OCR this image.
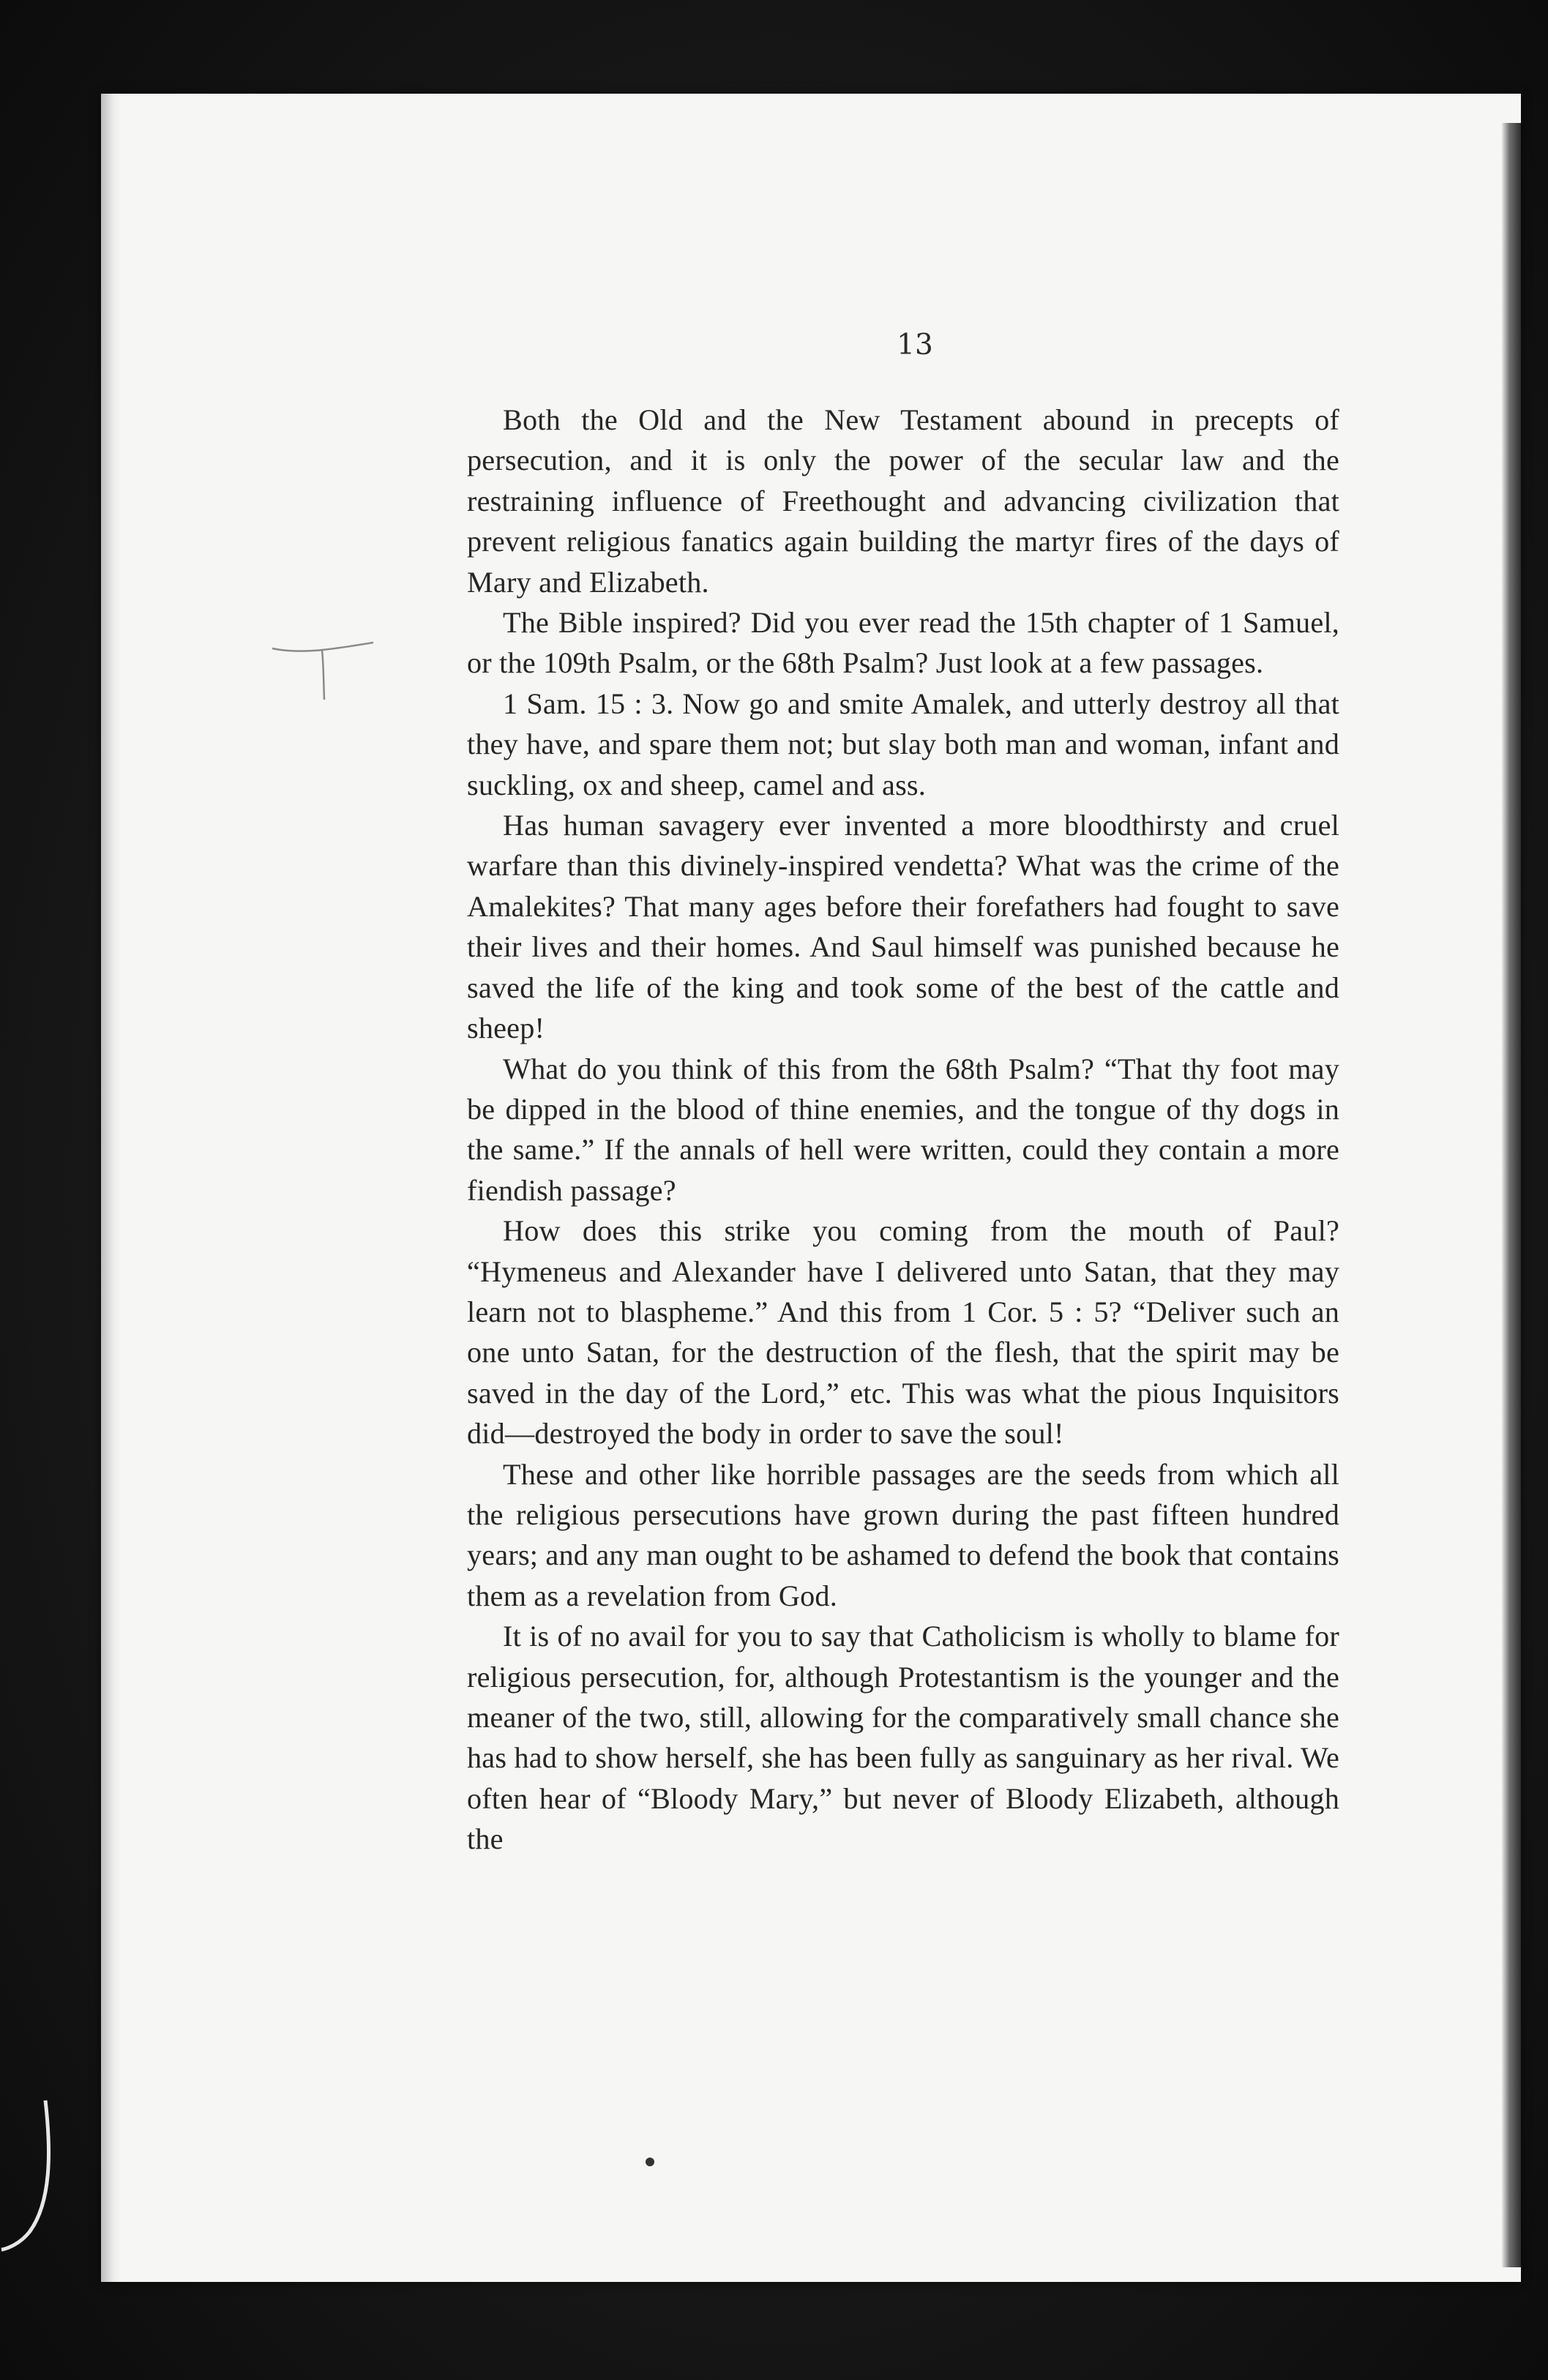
13

Both the Old and the New Testament abound in precepts of persecution, and it is only the power of the secular law and the restraining influence of Freethought and advancing civilization that prevent religious fanatics again building the martyr fires of the days of Mary and Elizabeth.

The Bible inspired? Did you ever read the 15th chapter of 1 Samuel, or the 109th Psalm, or the 68th Psalm? Just look at a few passages.

1 Sam. 15 : 3. Now go and smite Amalek, and utterly destroy all that they have, and spare them not; but slay both man and woman, infant and suckling, ox and sheep, camel and ass.

Has human savagery ever invented a more bloodthirsty and cruel warfare than this divinely-inspired vendetta? What was the crime of the Amalekites? That many ages before their forefathers had fought to save their lives and their homes. And Saul himself was punished because he saved the life of the king and took some of the best of the cattle and sheep!

What do you think of this from the 68th Psalm? “That thy foot may be dipped in the blood of thine enemies, and the tongue of thy dogs in the same.” If the annals of hell were written, could they contain a more fiendish passage?

How does this strike you coming from the mouth of Paul? “Hymeneus and Alexander have I delivered unto Satan, that they may learn not to blaspheme.” And this from 1 Cor. 5 : 5? “Deliver such an one unto Satan, for the destruction of the flesh, that the spirit may be saved in the day of the Lord,” etc. This was what the pious Inquisitors did—destroyed the body in order to save the soul!

These and other like horrible passages are the seeds from which all the religious persecutions have grown during the past fifteen hundred years; and any man ought to be ashamed to defend the book that contains them as a revelation from God.

It is of no avail for you to say that Catholicism is wholly to blame for religious persecution, for, although Protestantism is the younger and the meaner of the two, still, allowing for the comparatively small chance she has had to show herself, she has been fully as sanguinary as her rival. We often hear of “Bloody Mary,” but never of Bloody Elizabeth, although the
